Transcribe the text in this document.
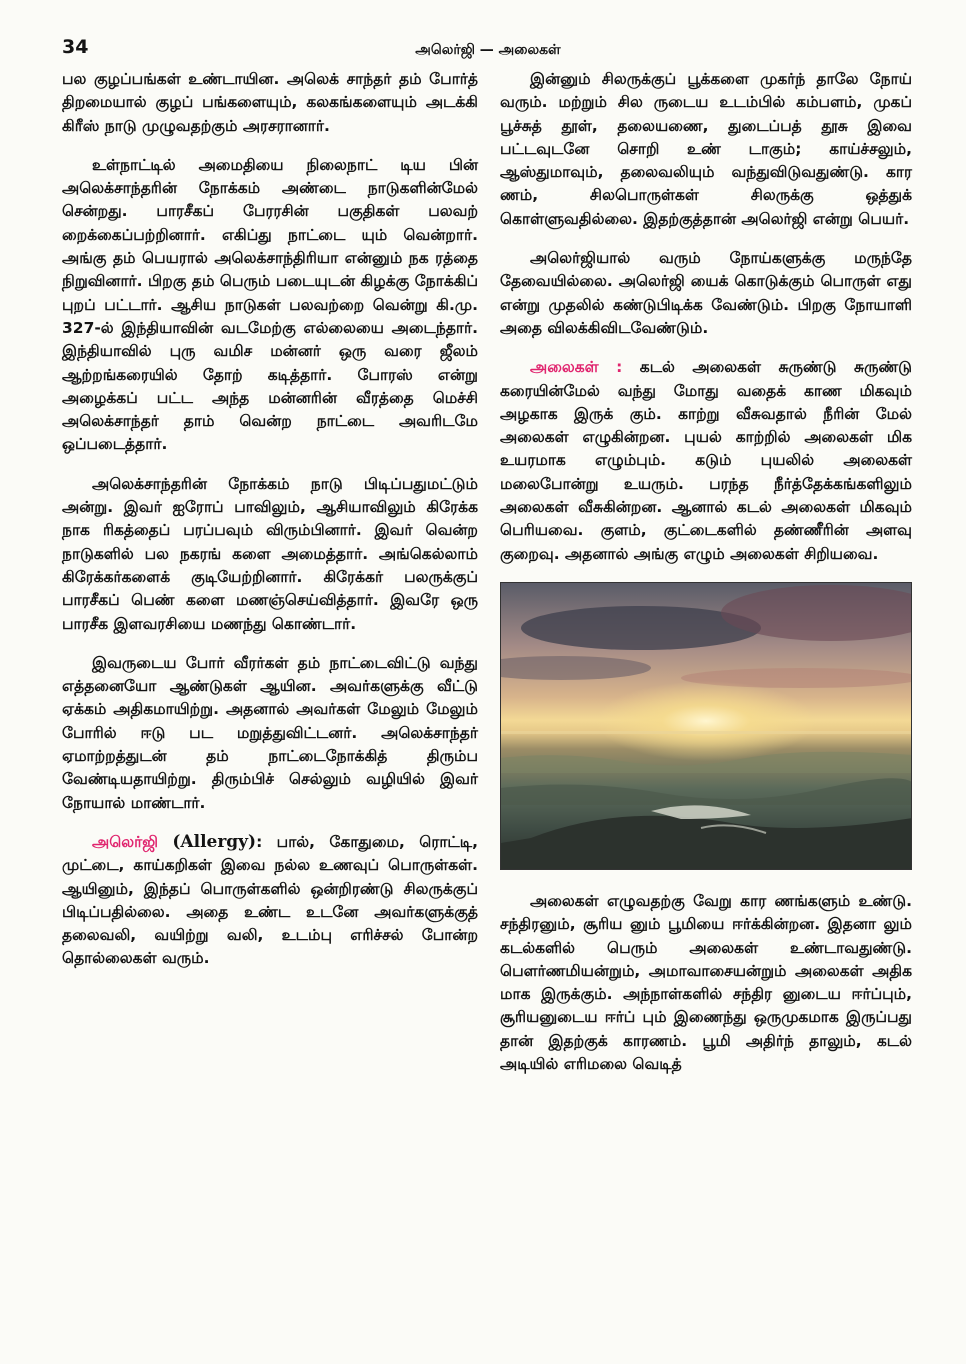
34	அலெர்ஜி — அலைகள்

பல குழப்பங்கள் உண்டாயின. அலெக் சாந்தர் தம் போர்த் திறமையால் குழப் பங்களையும், கலகங்களையும் அடக்கி கிரீஸ் நாடு முழுவதற்கும் அரசரானார்.

உள்நாட்டில் அமைதியை நிலைநாட் டிய பின் அலெக்சாந்தரின் நோக்கம் அண்டை நாடுகளின்மேல் சென்றது. பாரசீகப் பேரரசின் பகுதிகள் பலவற் றைக்கைப்பற்றினார். எகிப்து நாட்டை யும் வென்றார். அங்கு தம் பெயரால் அலெக்சாந்திரியா என்னும் நக ரத்தை நிறுவினார். பிறகு தம் பெரும் படையுடன் கிழக்கு நோக்கிப் புறப் பட்டார். ஆசிய நாடுகள் பலவற்றை வென்று கி.மு. 327-ல் இந்தியாவின் வடமேற்கு எல்லையை அடைந்தார். இந்தியாவில் புரு வமிச மன்னர் ஒரு வரை ஜீலம் ஆற்றங்கரையில் தோற் கடித்தார். போரஸ் என்று அழைக்கப் பட்ட அந்த மன்னரின் வீரத்தை மெச்சி அலெக்சாந்தர் தாம் வென்ற நாட்டை அவரிடமே ஒப்படைத்தார்.

அலெக்சாந்தரின் நோக்கம் நாடு பிடிப்பதுமட்டும் அன்று. இவர் ஐரோப் பாவிலும், ஆசியாவிலும் கிரேக்க நாக ரிகத்தைப் பரப்பவும் விரும்பினார். இவர் வென்ற நாடுகளில் பல நகரங் களை அமைத்தார். அங்கெல்லாம் கிரேக்கர்களைக் குடியேற்றினார். கிரேக்கர் பலருக்குப் பாரசீகப் பெண் களை மணஞ்செய்வித்தார். இவரே ஒரு பாரசீக இளவரசியை மணந்து கொண்டார்.

இவருடைய போர் வீரர்கள் தம் நாட்டைவிட்டு வந்து எத்தனையோ ஆண்டுகள் ஆயின. அவர்களுக்கு வீட்டு ஏக்கம் அதிகமாயிற்று. அதனால் அவர்கள் மேலும் மேலும் போரில் ஈடு பட மறுத்துவிட்டனர். அலெக்சாந்தர் ஏமாற்றத்துடன் தம் நாட்டைநோக்கித் திரும்ப வேண்டியதாயிற்று. திரும்பிச் செல்லும் வழியில் இவர் நோயால் மாண்டார்.

அலெர்ஜி (Allergy): பால், கோதுமை, ரொட்டி, முட்டை, காய்கறிகள் இவை நல்ல உணவுப் பொருள்கள். ஆயினும், இந்தப் பொருள்களில் ஒன்றிரண்டு சிலருக்குப் பிடிப்பதில்லை. அதை உண்ட உடனே அவர்களுக்குத் தலைவலி, வயிற்று வலி, உடம்பு எரிச்சல் போன்ற தொல்லைகள் வரும்.

இன்னும் சிலருக்குப் பூக்களை முகர்ந் தாலே நோய் வரும். மற்றும் சில ருடைய உடம்பில் கம்பளம், முகப் பூச்சுத் தூள், தலையணை, துடைப்பத் தூசு இவை பட்டவுடனே சொறி உண் டாகும்; காய்ச்சலும், ஆஸ்துமாவும், தலைவலியும் வந்துவிடுவதுண்டு. கார ணம், சிலபொருள்கள் சிலருக்கு ஒத்துக் கொள்ளுவதில்லை. இதற்குத்தான் அலெர்ஜி என்று பெயர்.

அலெர்ஜியால் வரும் நோய்களுக்கு மருந்தே தேவையில்லை. அலெர்ஜி யைக் கொடுக்கும் பொருள் எது என்று முதலில் கண்டுபிடிக்க வேண்டும். பிறகு நோயாளி அதை விலக்கிவிடவேண்டும்.

அலைகள் : கடல் அலைகள் சுருண்டு சுருண்டு கரையின்மேல் வந்து மோது வதைக் காண மிகவும் அழகாக இருக் கும். காற்று வீசுவதால் நீரின் மேல் அலைகள் எழுகின்றன. புயல் காற்றில் அலைகள் மிக உயரமாக எழும்பும். கடும் புயலில் அலைகள் மலைபோன்று உயரும். பரந்த நீர்த்தேக்கங்களிலும் அலைகள் வீசுகின்றன. ஆனால் கடல் அலைகள் மிகவும் பெரியவை. குளம், குட்டைகளில் தண்ணீரின் அளவு குறைவு. அதனால் அங்கு எழும் அலைகள் சிறியவை.

அலைகள் எழுவதற்கு வேறு கார ணங்களும் உண்டு. சந்திரனும், சூரிய னும் பூமியை ஈர்க்கின்றன. இதனா லும் கடல்களில் பெரும் அலைகள் உண்டாவதுண்டு. பௌர்ணமியன்றும், அமாவாசையன்றும் அலைகள் அதிக மாக இருக்கும். அந்நாள்களில் சந்திர னுடைய ஈர்ப்பும், சூரியனுடைய ஈர்ப் பும் இணைந்து ஒருமுகமாக இருப்பது தான் இதற்குக் காரணம். பூமி அதிர்ந் தாலும், கடல் அடியில் எரிமலை வெடித்
